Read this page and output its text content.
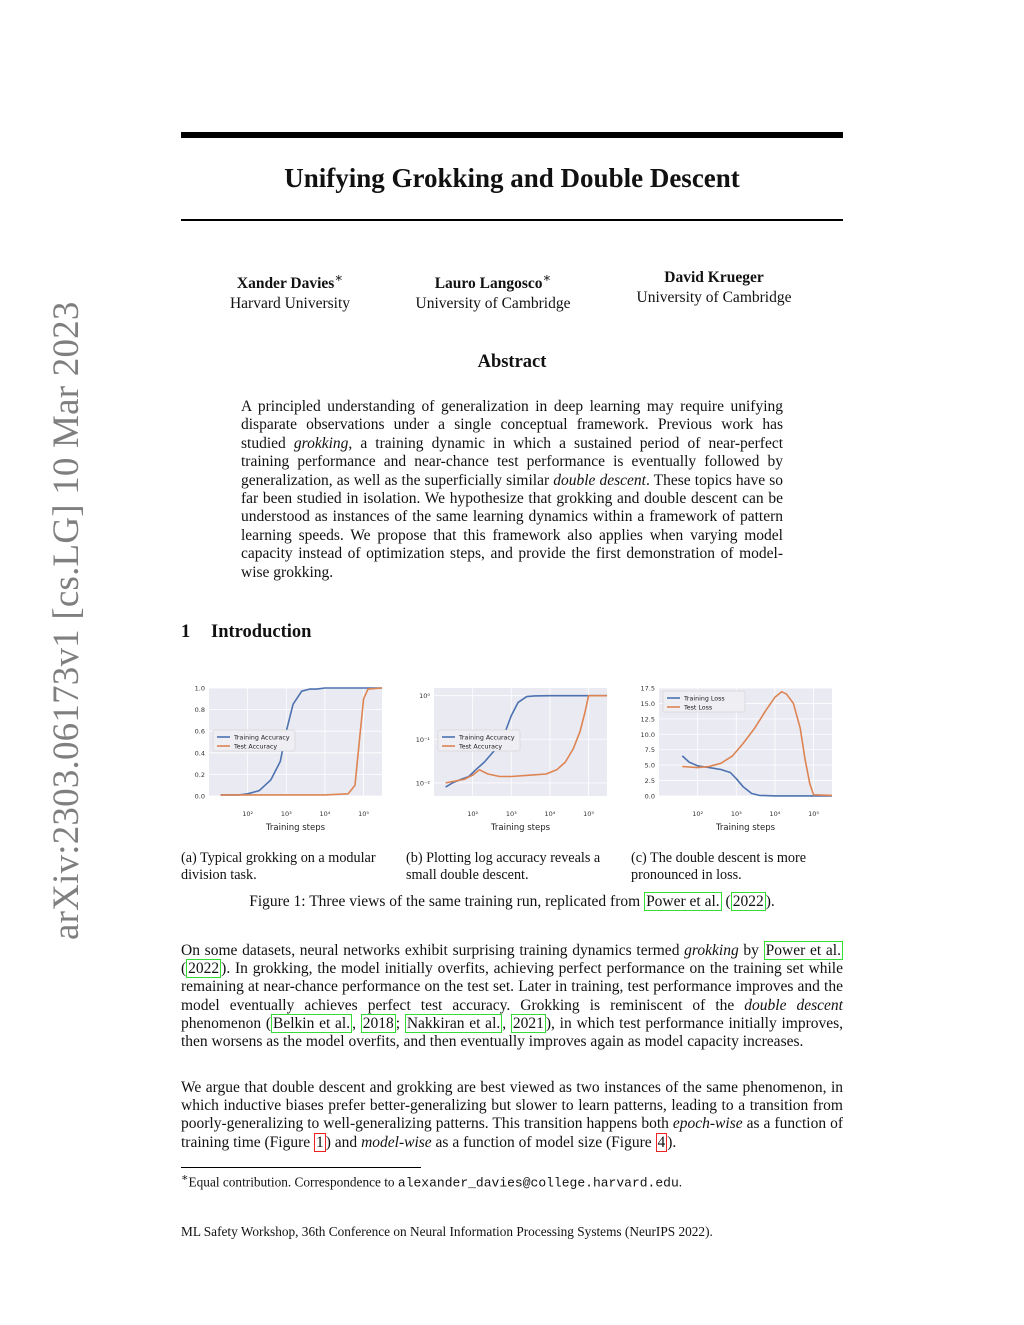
arXiv:2303.06173v1 [cs.LG] 10 Mar 2023
Unifying Grokking and Double Descent
Xander Davies∗
Harvard University
Lauro Langosco∗
University of Cambridge
David Krueger
University of Cambridge
Abstract
A principled understanding of generalization in deep learning may require unifying disparate observations under a single conceptual framework. Previous work has studied grokking, a training dynamic in which a sustained period of near-perfect training performance and near-chance test performance is eventually followed by generalization, as well as the superficially similar double descent. These topics have so far been studied in isolation. We hypothesize that grokking and double descent can be understood as instances of the same learning dynamics within a framework of pattern learning speeds. We propose that this framework also applies when varying model capacity instead of optimization steps, and provide the first demonstration of model-wise grokking.
1 Introduction
0.0
0.2
0.4
0.6
0.8
1.0
10²	10³	10⁴	10⁵
Training steps
Training Accuracy
Test Accuracy
10⁻²
10⁻¹
10⁰
10²	10³	10⁴	10⁵
Training steps
Training Accuracy
Test Accuracy
0.0
2.5
5.0
7.5
10.0
12.5
15.0
17.5
10²	10³	10⁴	10⁵
Training steps
Training Loss
Test Loss
(a) Typical grokking on a modular division task.
(b) Plotting log accuracy reveals a small double descent.
(c) The double descent is more pronounced in loss.
Figure 1: Three views of the same training run, replicated from Power et al. ( 2022 ).
On some datasets, neural networks exhibit surprising training dynamics termed grokking by Power et al. ( 2022 ). In grokking, the model initially overfits, achieving perfect performance on the training set while remaining at near-chance performance on the test set. Later in training, test performance improves and the model eventually achieves perfect test accuracy. Grokking is reminiscent of the double descent phenomenon ( Belkin et al. , 2018 ; Nakkiran et al. , 2021 ), in which test performance initially improves, then worsens as the model overfits, and then eventually improves again as model capacity increases.
We argue that double descent and grokking are best viewed as two instances of the same phenomenon, in which inductive biases prefer better-generalizing but slower to learn patterns, leading to a transition from poorly-generalizing to well-generalizing patterns. This transition happens both epoch-wise as a function of training time (Figure 1 ) and model-wise as a function of model size (Figure 4 ).
∗Equal contribution. Correspondence to alexander_davies@college.harvard.edu.
ML Safety Workshop, 36th Conference on Neural Information Processing Systems (NeurIPS 2022).
